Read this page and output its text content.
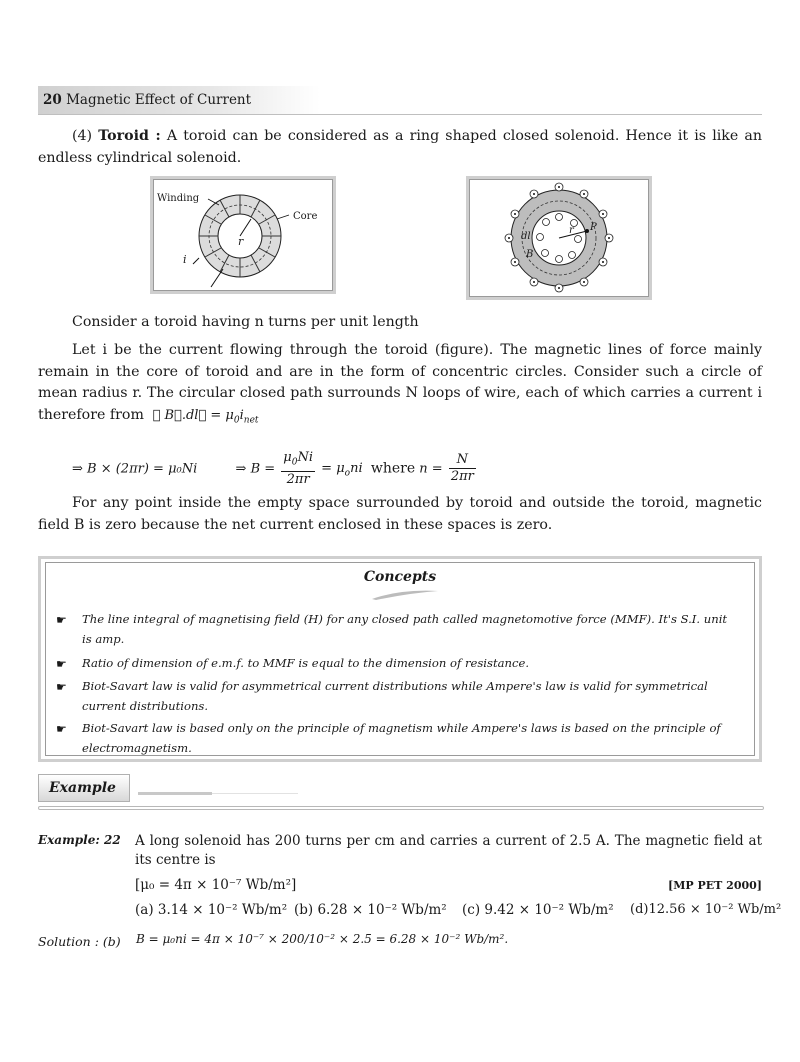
20 Magnetic Effect of Current

(4) Toroid : A toroid can be considered as a ring shaped closed solenoid. Hence it is like an endless cylindrical solenoid.

Winding
Core
r
i
P
r
dl
B

Consider a toroid having n turns per unit length

Let i be the current flowing through the toroid (figure). The magnetic lines of force mainly remain in the core of toroid and are in the form of concentric circles. Consider such a circle of mean radius r. The circular closed path surrounds N loops of wire, each of which carries a current i therefore from  ∮ B⃗.dl⃗ = $\mu_0i_{net}$

⇒ B × (2πr) = μ₀Ni	⇒ $B = \frac{\mu_0Ni}{2\pi r} = \mu_oni$ where $n = \frac{N}{2\pi r}$

For any point inside the empty space surrounded by toroid and outside the toroid, magnetic field B is zero because the net current enclosed in these spaces is zero.

Concepts
☛ The line integral of magnetising field (H) for any closed path called magnetomotive force (MMF). It's S.I. unit is amp.
☛ Ratio of dimension of e.m.f. to MMF is equal to the dimension of resistance.
☛ Biot-Savart law is valid for asymmetrical current distributions while Ampere's law is valid for symmetrical current distributions.
☛ Biot-Savart law is based only on the principle of magnetism while Ampere's laws is based on the principle of electromagnetism.
Example
Example: 22 A long solenoid has 200 turns per cm and carries a current of 2.5 A. The magnetic field at its centre is
[μ₀ = 4π × 10⁻⁷ Wb/m²]	[MP PET 2000]
(a) 3.14 × 10⁻² Wb/m² (b) 6.28 × 10⁻² Wb/m² (c) 9.42 × 10⁻² Wb/m² (d)12.56 × 10⁻² Wb/m²
Solution : (b) B = μ₀ni = 4π × 10⁻⁷ × 200/10⁻² × 2.5 = 6.28 × 10⁻² Wb/m².
